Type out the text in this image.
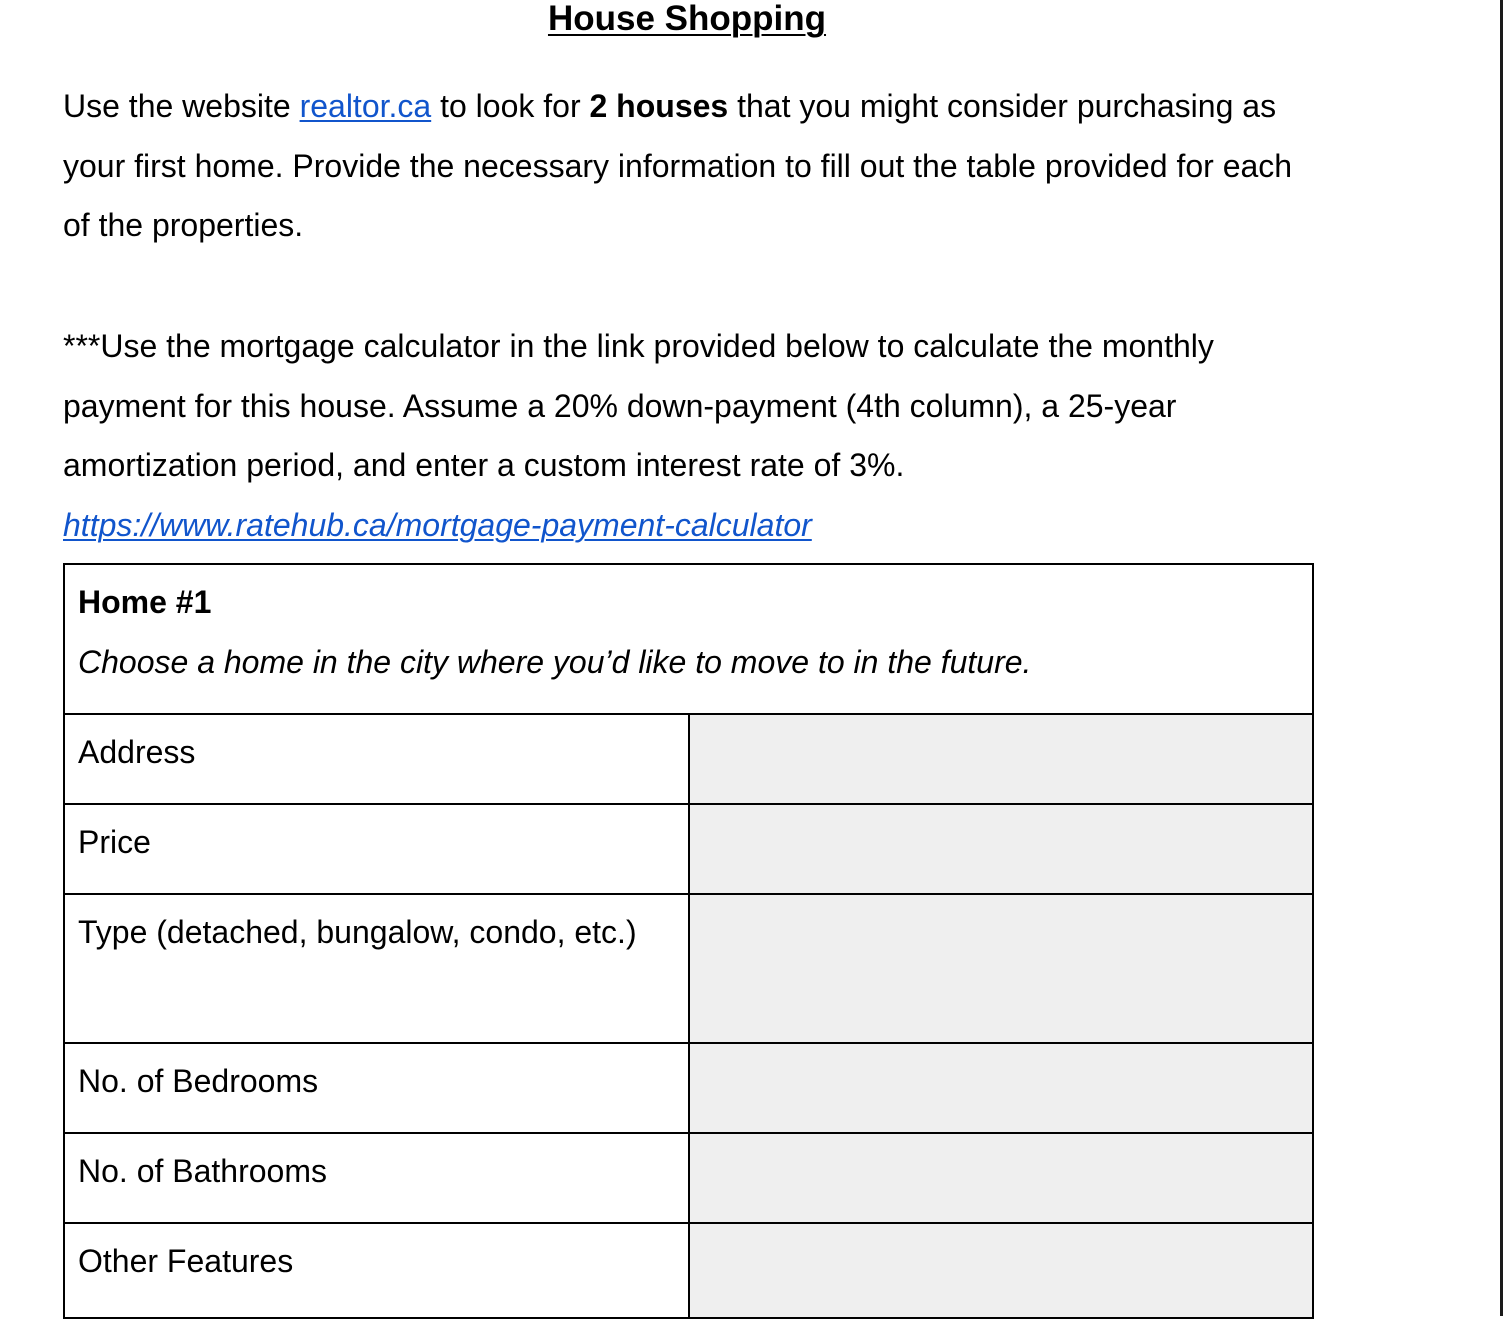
House Shopping

Use the website realtor.ca to look for 2 houses that you might consider purchasing as your first home. Provide the necessary information to fill out the table provided for each of the properties.

***Use the mortgage calculator in the link provided below to calculate the monthly payment for this house. Assume a 20% down-payment (4th column), a 25-year amortization period, and enter a custom interest rate of 3%.

https://www.ratehub.ca/mortgage-payment-calculator

Home #1
Choose a home in the city where you’d like to move to in the future.	

Address	
Price	
Type (detached, bungalow, condo, etc.)	
No. of Bedrooms	
No. of Bathrooms	
Other Features	
